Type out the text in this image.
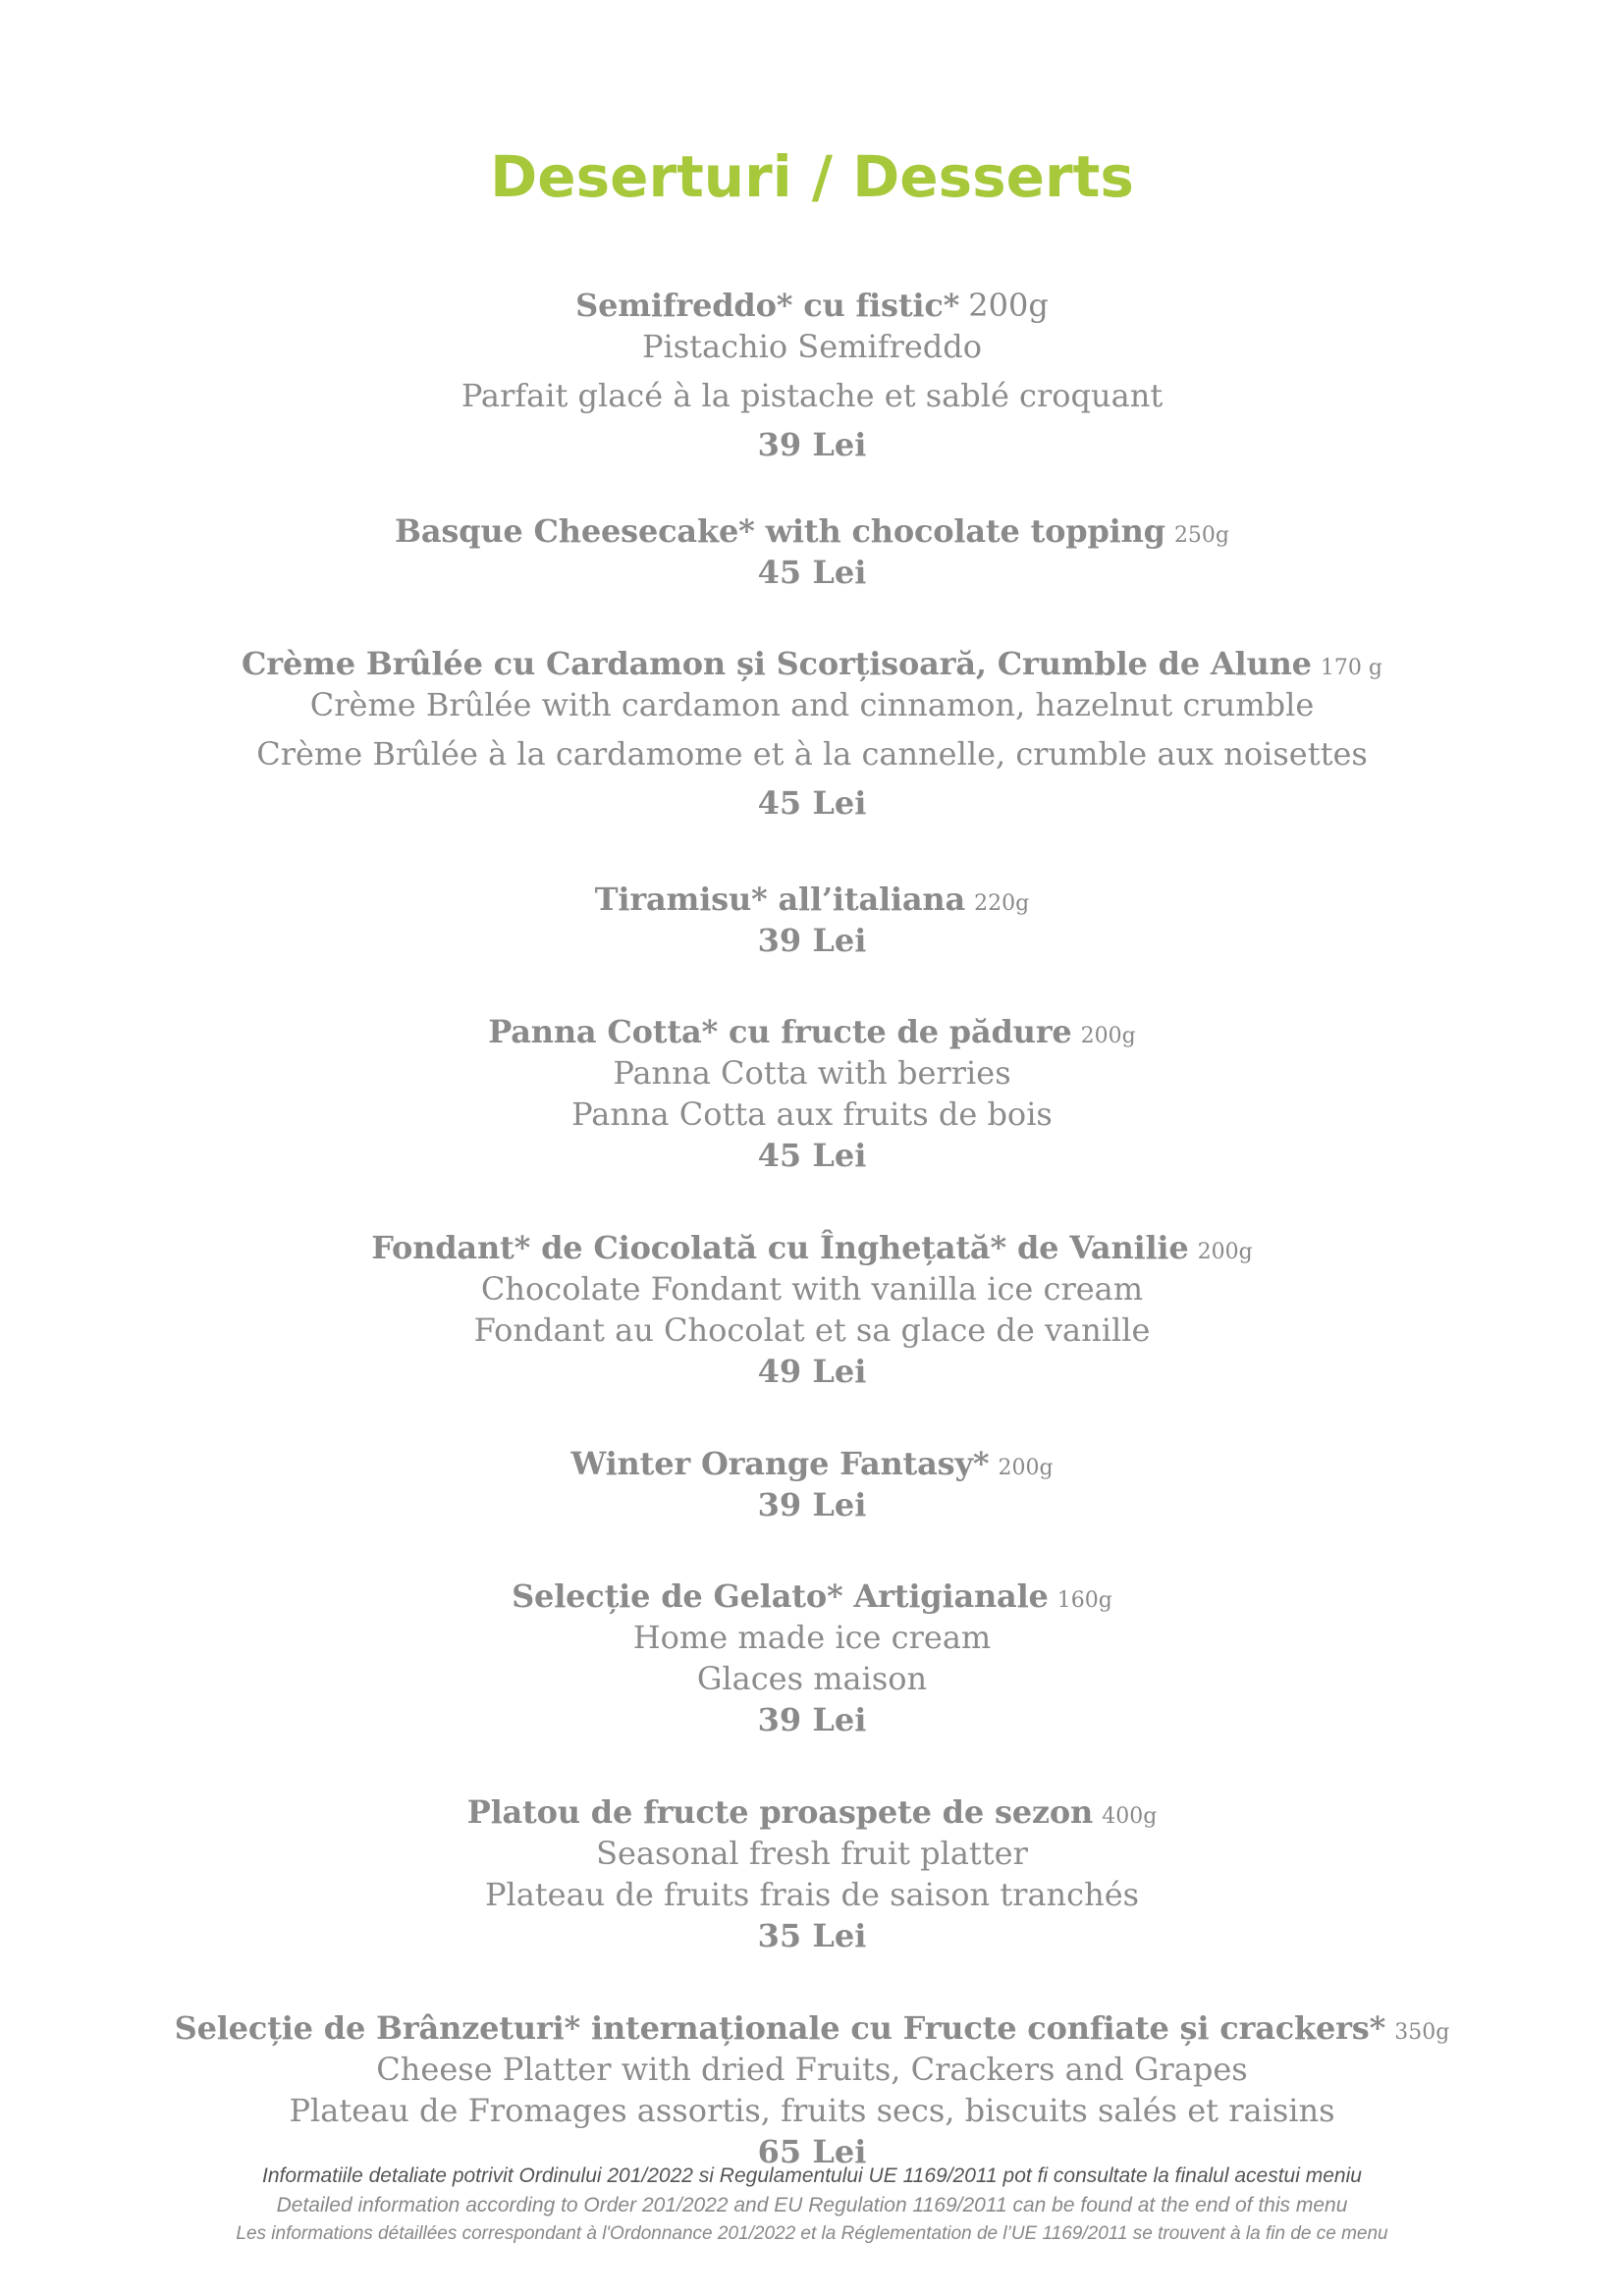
Deserturi / Desserts
Semifreddo* cu fistic* 200g
Pistachio Semifreddo
Parfait glacé à la pistache et sablé croquant
39 Lei
Basque Cheesecake* with chocolate topping 250g
45 Lei
Crème Brûlée cu Cardamon și Scorțisoară, Crumble de Alune 170 g
Crème Brûlée with cardamon and cinnamon, hazelnut crumble
Crème Brûlée à la cardamome et à la cannelle, crumble aux noisettes
45 Lei
Tiramisu* all’italiana 220g
39 Lei
Panna Cotta* cu fructe de pădure 200g
Panna Cotta with berries
Panna Cotta aux fruits de bois
45 Lei
Fondant* de Ciocolată cu Înghețată* de Vanilie 200g
Chocolate Fondant with vanilla ice cream
Fondant au Chocolat et sa glace de vanille
49 Lei
Winter Orange Fantasy* 200g
39 Lei
Selecție de Gelato* Artigianale 160g
Home made ice cream
Glaces maison
39 Lei
Platou de fructe proaspete de sezon 400g
Seasonal fresh fruit platter
Plateau de fruits frais de saison tranchés
35 Lei
Selecție de Brânzeturi* internaționale cu Fructe confiate și crackers* 350g
Cheese Platter with dried Fruits, Crackers and Grapes
Plateau de Fromages assortis, fruits secs, biscuits salés et raisins
65 Lei
Informatiile detaliate potrivit Ordinului 201/2022 si Regulamentului UE 1169/2011 pot fi consultate la finalul acestui meniu
Detailed information according to Order 201/2022 and EU Regulation 1169/2011 can be found at the end of this menu
Les informations détaillées correspondant à l'Ordonnance 201/2022 et la Réglementation de l’UE 1169/2011 se trouvent à la fin de ce menu
